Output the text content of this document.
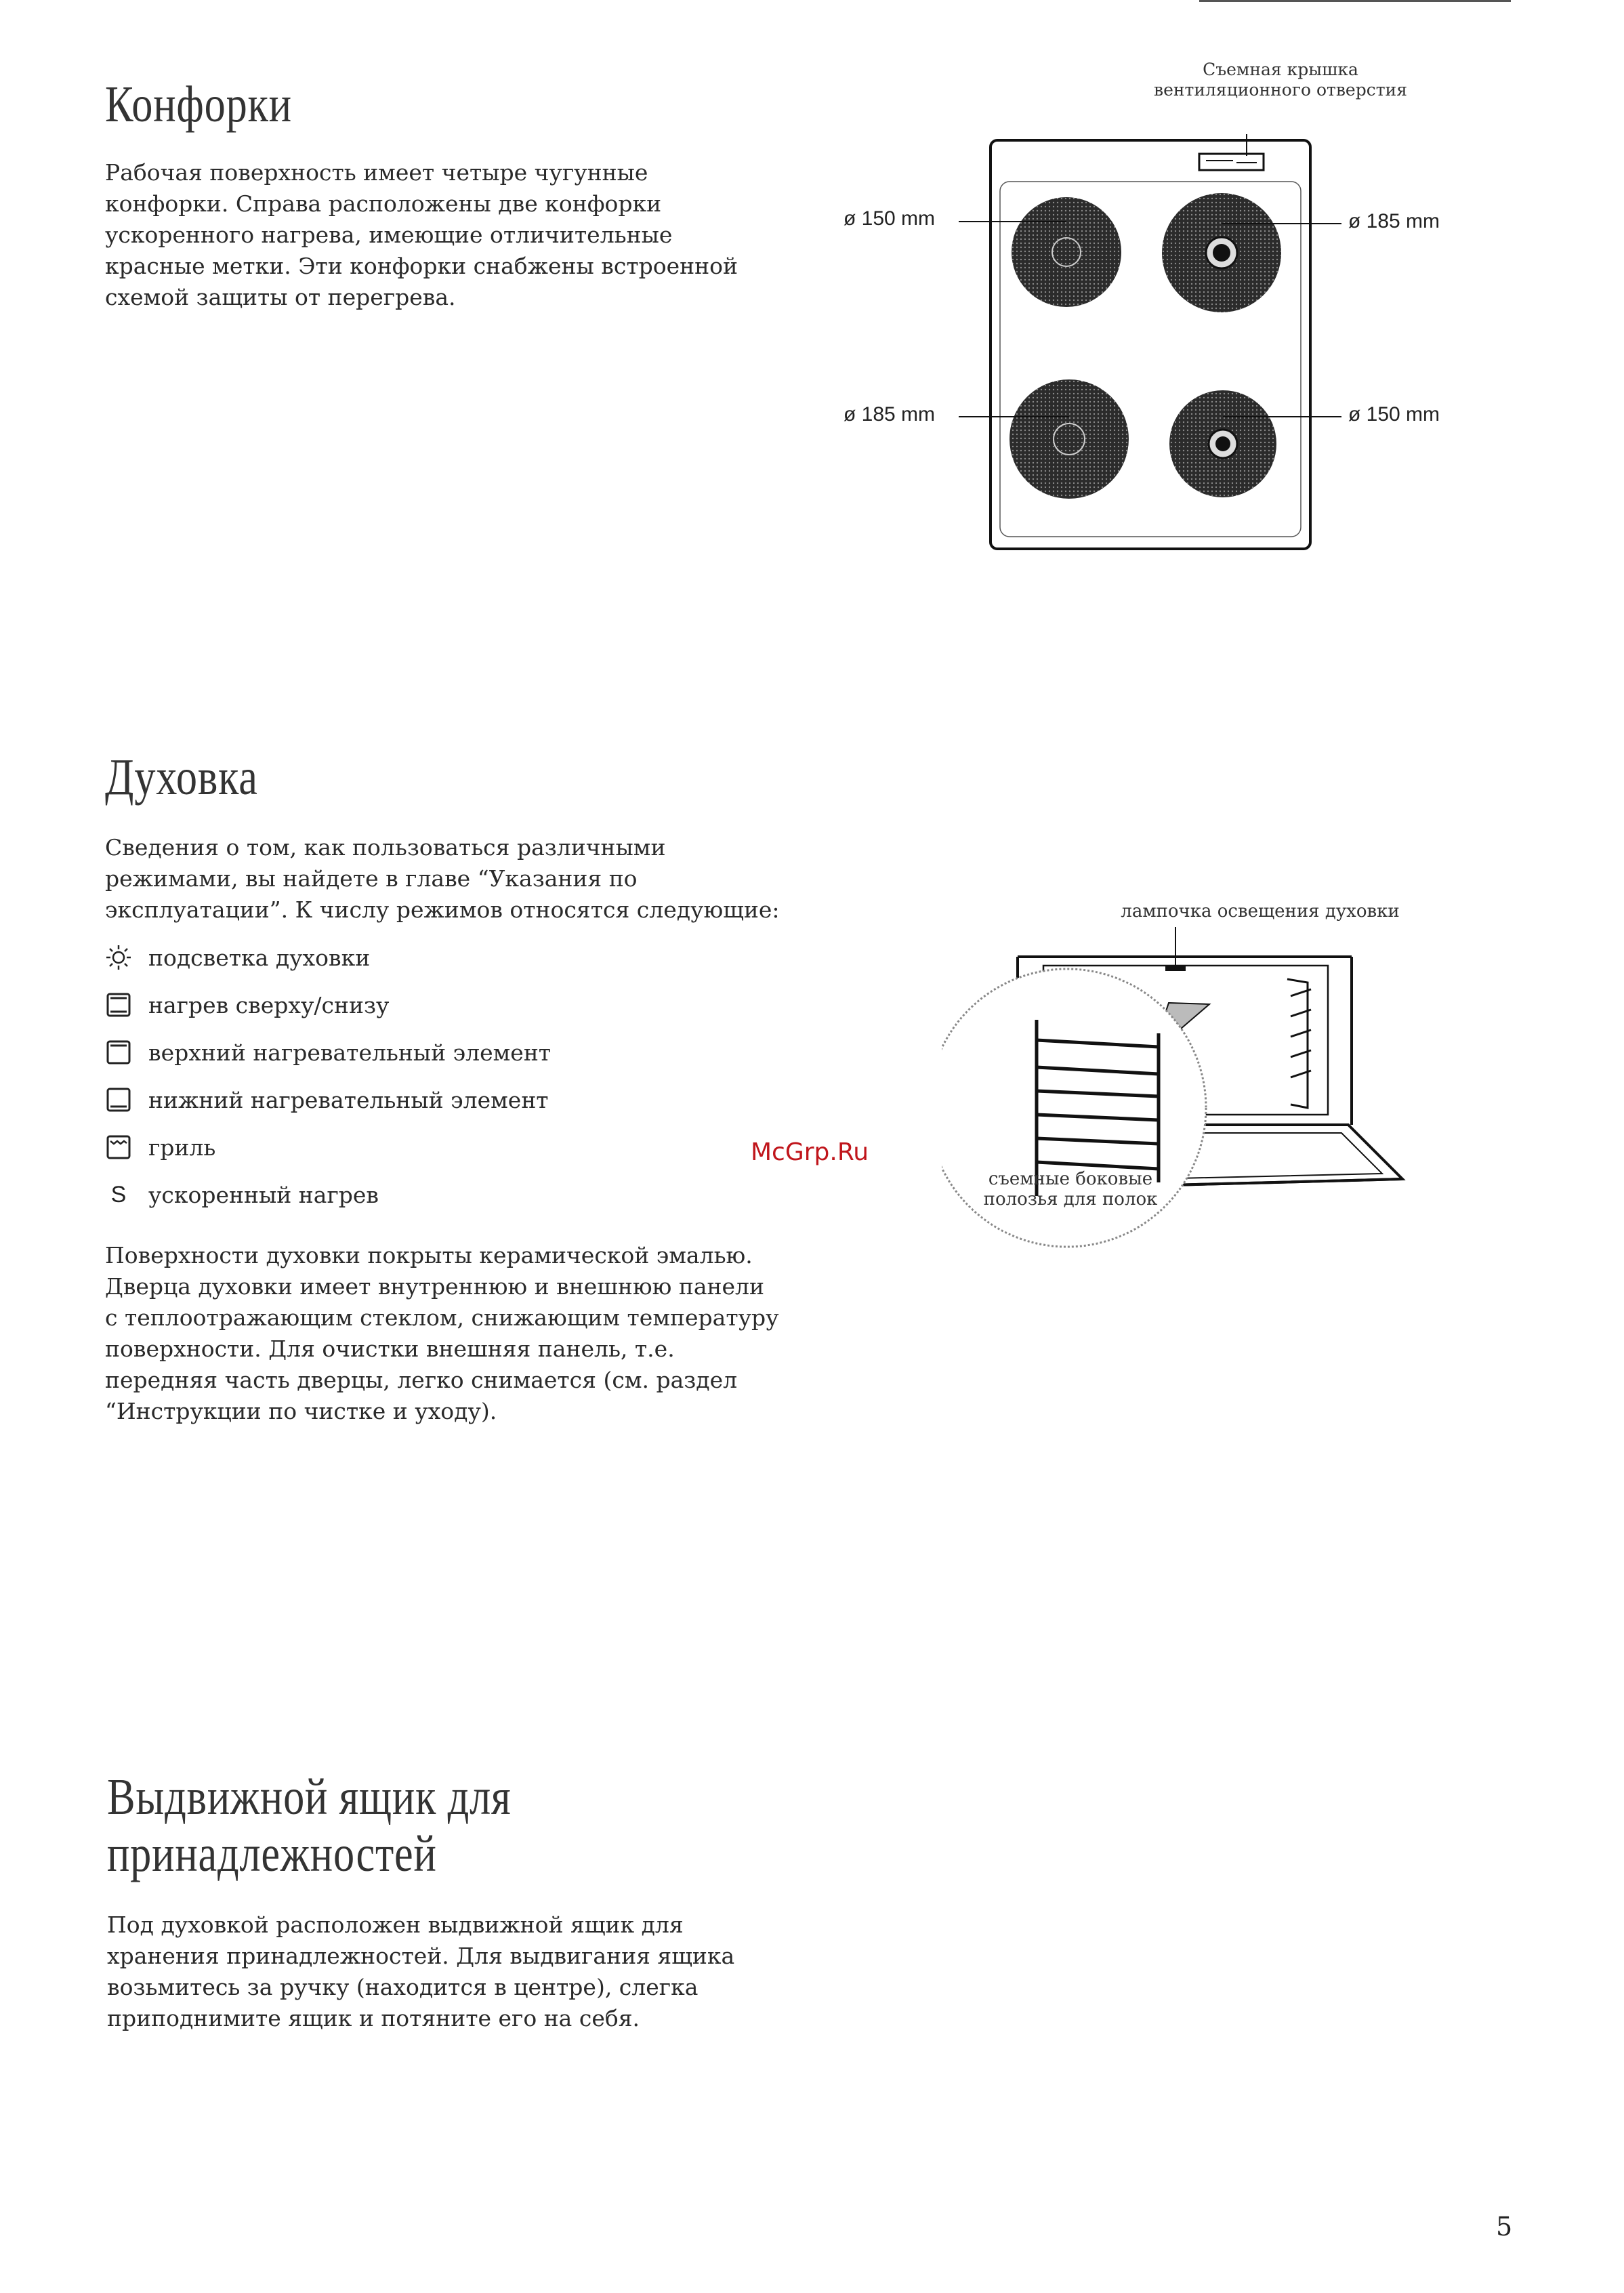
Конфорки

Рабочая поверхность имеет четыре чугунные конфорки. Справа расположены две конфорки ускоренного нагрева, имеющие отличительные красные метки. Эти конфорки снабжены встроенной схемой защиты от перегрева.

Съемная крышка вентиляционного отверстия
ø 150 mm	ø 185 mm
ø 185 mm	ø 150 mm
Духовка

Сведения о том, как пользоваться различными режимами, вы найдете в главе “Указания по эксплуатации”. К числу режимов относятся следующие:

подсветка духовки
нагрев сверху/снизу
верхний нагревательный элемент
нижний нагревательный элемент
гриль
S ускоренный нагрев

Поверхности духовки покрыты керамической эмалью. Дверца духовки имеет внутреннюю и внешнюю панели с теплоотражающим стеклом, снижающим температуру поверхности. Для очистки внешняя панель, т.е. передняя часть дверцы, легко снимается (см. раздел “Инструкции по чистке и уходу).

лампочка освещения духовки
съемные боковые полозья для полок
McGrp.Ru
Выдвижной ящик для
принадлежностей

Под духовкой расположен выдвижной ящик для хранения принадлежностей. Для выдвигания ящика возьмитесь за ручку (находится в центре), слегка приподнимите ящик и потяните его на себя.

5
